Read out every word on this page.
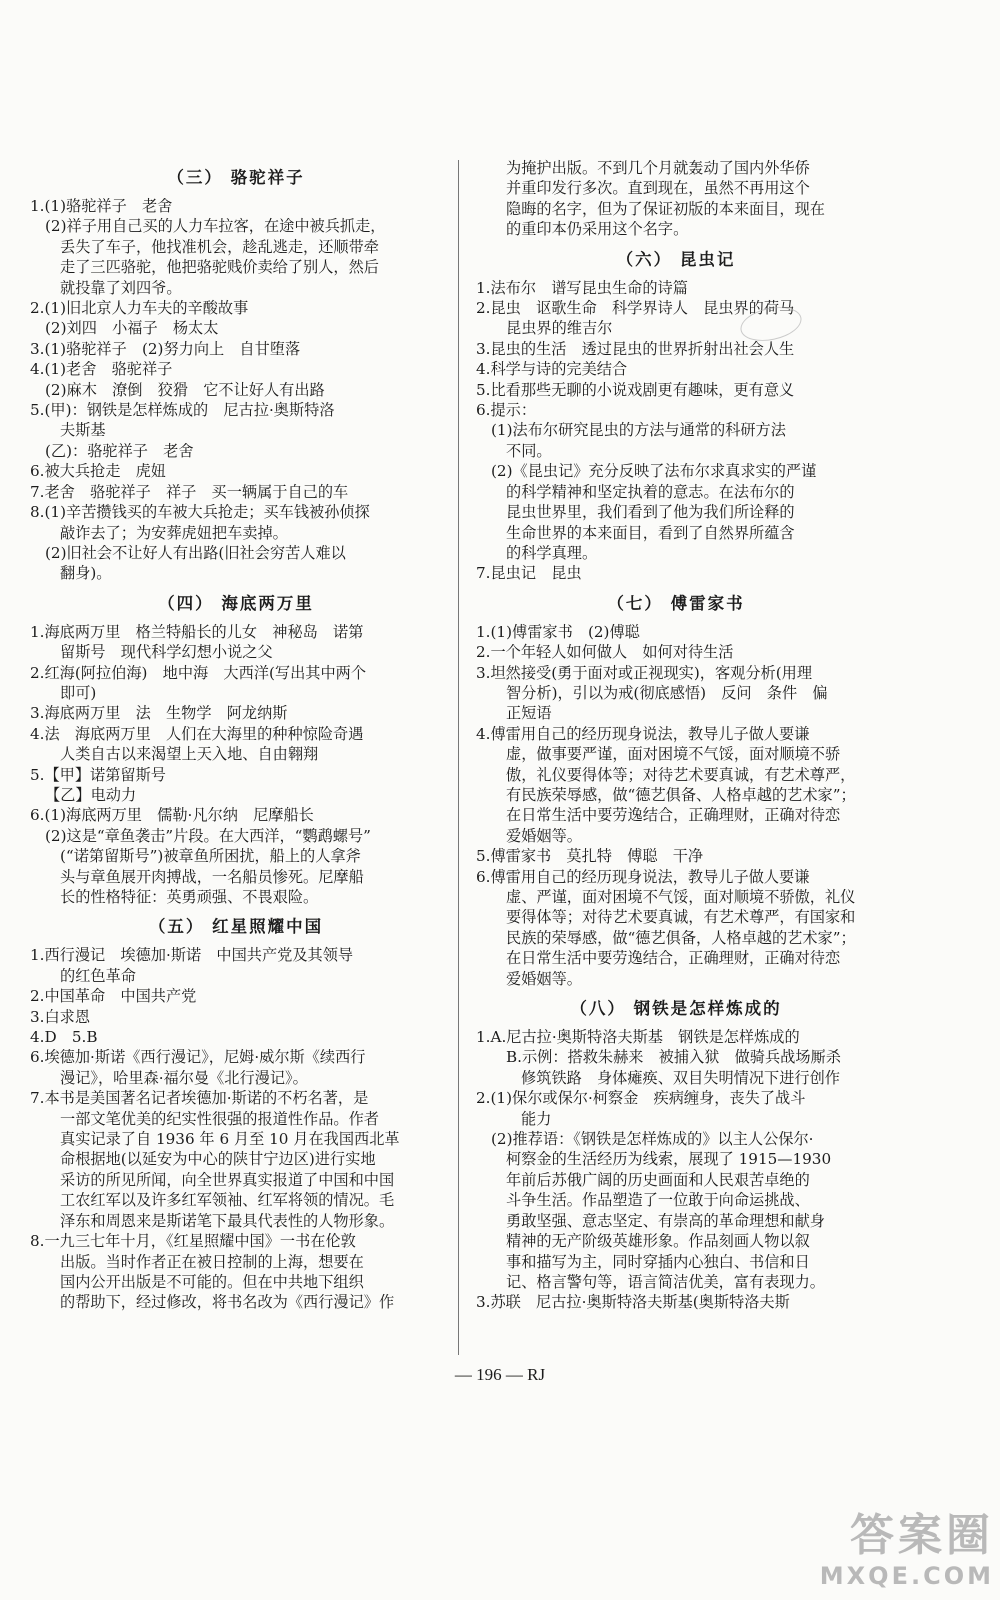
（三） 骆驼祥子
1.(1)骆驼祥子　老舍
(2)祥子用自己买的人力车拉客，在途中被兵抓走，
丢失了车子，他找准机会，趁乱逃走，还顺带牵
走了三匹骆驼，他把骆驼贱价卖给了别人，然后
就投靠了刘四爷。
2.(1)旧北京人力车夫的辛酸故事
(2)刘四　小福子　杨太太
3.(1)骆驼祥子　(2)努力向上　自甘堕落
4.(1)老舍　骆驼祥子
(2)麻木　潦倒　狡猾　它不让好人有出路
5.(甲)：钢铁是怎样炼成的　尼古拉·奥斯特洛
夫斯基
(乙)：骆驼祥子　老舍
6.被大兵抢走　虎妞
7.老舍　骆驼祥子　祥子　买一辆属于自己的车
8.(1)辛苦攒钱买的车被大兵抢走；买车钱被孙侦探
敲诈去了；为安葬虎妞把车卖掉。
(2)旧社会不让好人有出路(旧社会穷苦人难以
翻身)。
（四） 海底两万里
1.海底两万里　格兰特船长的儿女　神秘岛　诺第
留斯号　现代科学幻想小说之父
2.红海(阿拉伯海)　地中海　大西洋(写出其中两个
即可)
3.海底两万里　法　生物学　阿龙纳斯
4.法　海底两万里　人们在大海里的种种惊险奇遇
人类自古以来渴望上天入地、自由翱翔
5.【甲】诺第留斯号
【乙】电动力
6.(1)海底两万里　儒勒·凡尔纳　尼摩船长
(2)这是“章鱼袭击”片段。在大西洋，“鹦鹉螺号”
(“诺第留斯号”)被章鱼所困扰，船上的人拿斧
头与章鱼展开肉搏战，一名船员惨死。尼摩船
长的性格特征：英勇顽强、不畏艰险。
（五） 红星照耀中国
1.西行漫记　埃德加·斯诺　中国共产党及其领导
的红色革命
2.中国革命　中国共产党
3.白求恩
4.D　5.B
6.埃德加·斯诺《西行漫记》，尼姆·威尔斯《续西行
漫记》，哈里森·福尔曼《北行漫记》。
7.本书是美国著名记者埃德加·斯诺的不朽名著，是
一部文笔优美的纪实性很强的报道性作品。作者
真实记录了自 1936 年 6 月至 10 月在我国西北革
命根据地(以延安为中心的陕甘宁边区)进行实地
采访的所见所闻，向全世界真实报道了中国和中国
工农红军以及许多红军领袖、红军将领的情况。毛
泽东和周恩来是斯诺笔下最具代表性的人物形象。
8.一九三七年十月，《红星照耀中国》一书在伦敦
出版。当时作者正在被日控制的上海，想要在
国内公开出版是不可能的。但在中共地下组织
的帮助下，经过修改，将书名改为《西行漫记》作
为掩护出版。不到几个月就轰动了国内外华侨
并重印发行多次。直到现在，虽然不再用这个
隐晦的名字，但为了保证初版的本来面目，现在
的重印本仍采用这个名字。
（六） 昆虫记
1.法布尔　谱写昆虫生命的诗篇
2.昆虫　讴歌生命　科学界诗人　昆虫界的荷马
昆虫界的维吉尔
3.昆虫的生活　透过昆虫的世界折射出社会人生
4.科学与诗的完美结合
5.比看那些无聊的小说戏剧更有趣味，更有意义
6.提示：
(1)法布尔研究昆虫的方法与通常的科研方法
不同。
(2)《昆虫记》充分反映了法布尔求真求实的严谨
的科学精神和坚定执着的意志。在法布尔的
昆虫世界里，我们看到了他为我们所诠释的
生命世界的本来面目，看到了自然界所蕴含
的科学真理。
7.昆虫记　昆虫
（七） 傅雷家书
1.(1)傅雷家书　(2)傅聪
2.一个年轻人如何做人　如何对待生活
3.坦然接受(勇于面对或正视现实)，客观分析(用理
智分析)，引以为戒(彻底感悟)　反问　条件　偏
正短语
4.傅雷用自己的经历现身说法，教导儿子做人要谦
虚，做事要严谨，面对困境不气馁，面对顺境不骄
傲，礼仪要得体等；对待艺术要真诚，有艺术尊严，
有民族荣辱感，做“德艺俱备、人格卓越的艺术家”；
在日常生活中要劳逸结合，正确理财，正确对待恋
爱婚姻等。
5.傅雷家书　莫扎特　傅聪　干净
6.傅雷用自己的经历现身说法，教导儿子做人要谦
虚、严谨，面对困境不气馁，面对顺境不骄傲，礼仪
要得体等；对待艺术要真诚，有艺术尊严，有国家和
民族的荣辱感，做“德艺俱备，人格卓越的艺术家”；
在日常生活中要劳逸结合，正确理财，正确对待恋
爱婚姻等。
（八） 钢铁是怎样炼成的
1.A.尼古拉·奥斯特洛夫斯基　钢铁是怎样炼成的
B.示例：搭救朱赫来　被捕入狱　做骑兵战场厮杀
修筑铁路　身体瘫痪、双目失明情况下进行创作
2.(1)保尔或保尔·柯察金　疾病缠身，丧失了战斗
能力
(2)推荐语：《钢铁是怎样炼成的》以主人公保尔·
柯察金的生活经历为线索，展现了 1915—1930
年前后苏俄广阔的历史画面和人民艰苦卓绝的
斗争生活。作品塑造了一位敢于向命运挑战、
勇敢坚强、意志坚定、有崇高的革命理想和献身
精神的无产阶级英雄形象。作品刻画人物以叙
事和描写为主，同时穿插内心独白、书信和日
记、格言警句等，语言简洁优美，富有表现力。
3.苏联　尼古拉·奥斯特洛夫斯基(奥斯特洛夫斯
— 196 — RJ
答案圈
MXQE.COM
